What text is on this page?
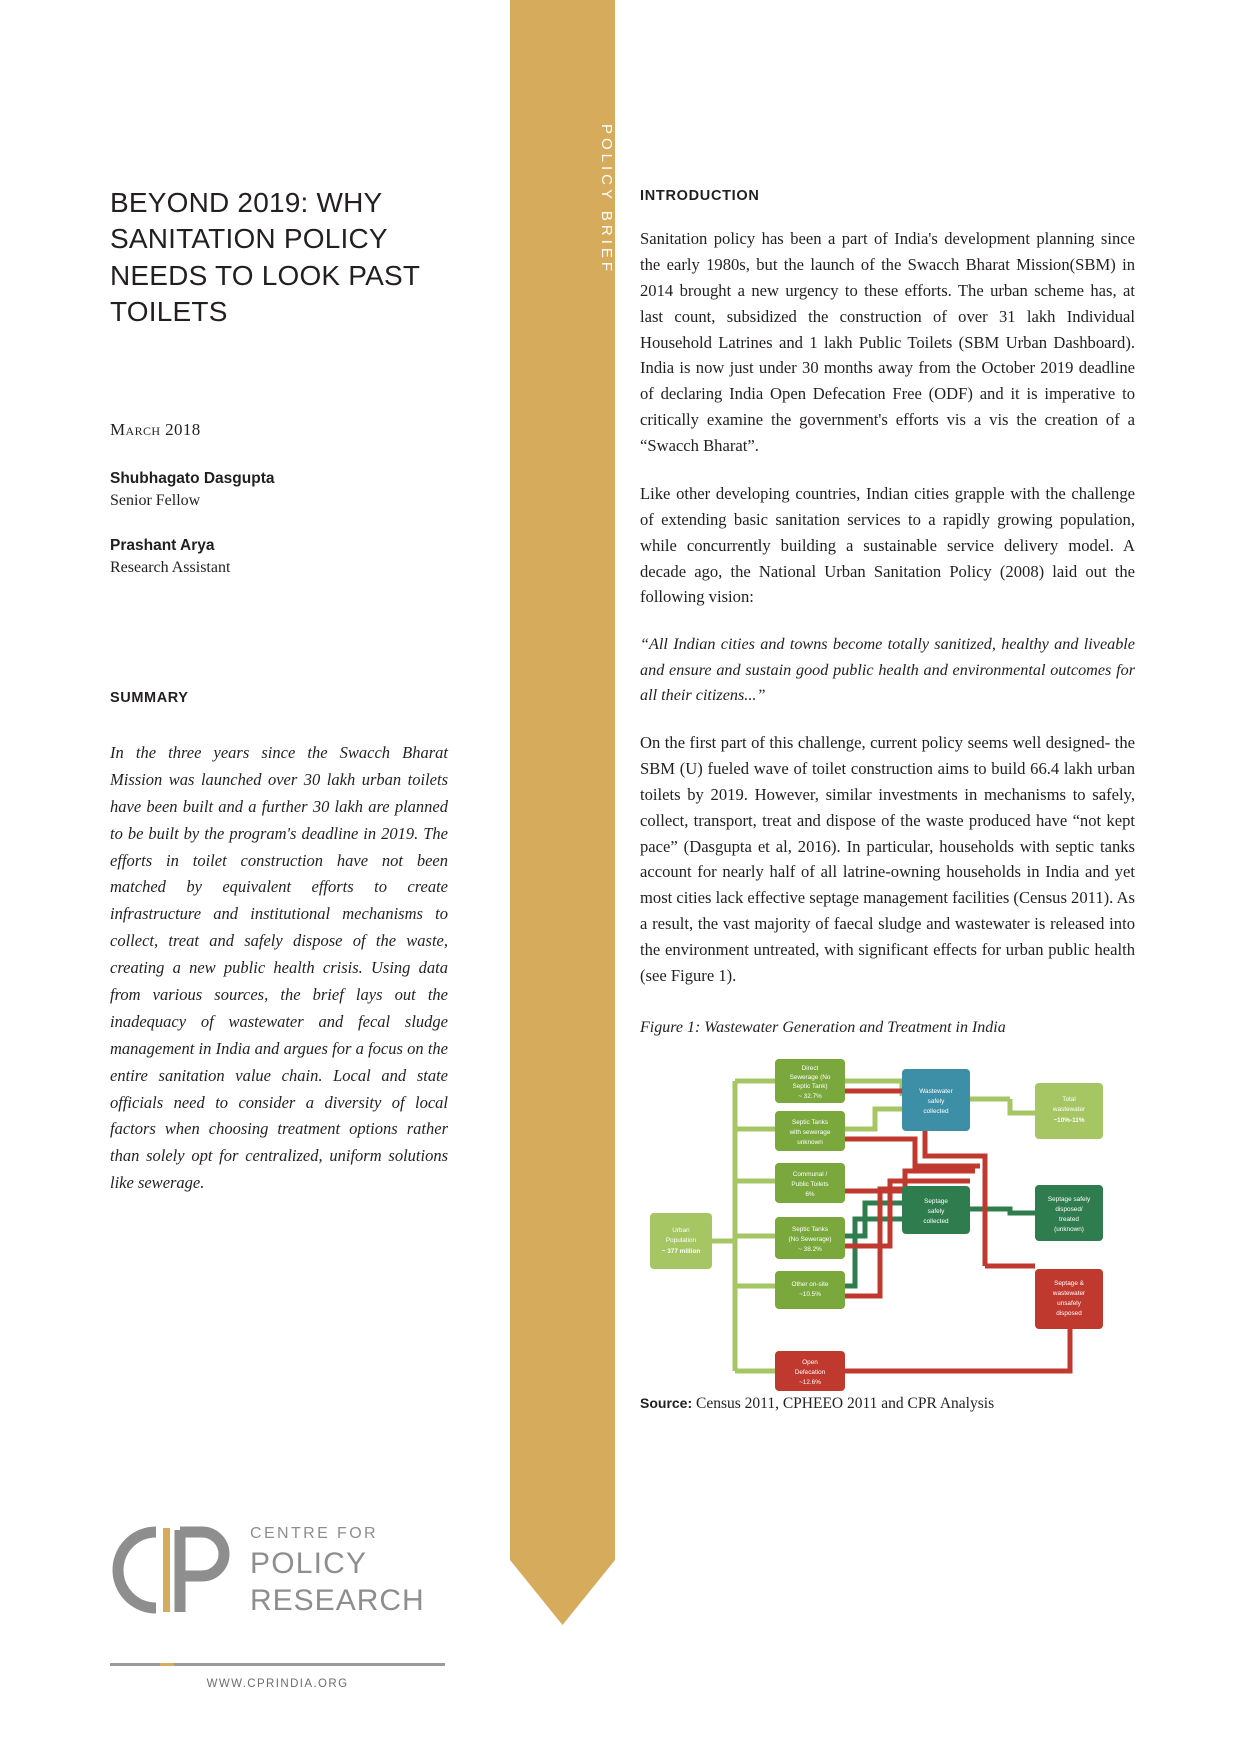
POLICY BRIEF
BEYOND 2019: WHY SANITATION POLICY NEEDS TO LOOK PAST TOILETS
March 2018

Shubhagato Dasgupta

Senior Fellow

Prashant Arya

Research Assistant

SUMMARY
In the three years since the Swacch Bharat Mission was launched over 30 lakh urban toilets have been built and a further 30 lakh are planned to be built by the program's deadline in 2019. The efforts in toilet construction have not been matched by equivalent efforts to create infrastructure and institutional mechanisms to collect, treat and safely dispose of the waste, creating a new public health crisis. Using data from various sources, the brief lays out the inadequacy of wastewater and fecal sludge management in India and argues for a focus on the entire sanitation value chain. Local and state officials need to consider a diversity of local factors when choosing treatment options rather than solely opt for centralized, uniform solutions like sewerage.
CENTRE FOR
POLICY
RESEARCH
WWW.CPRINDIA.ORG
INTRODUCTION

Sanitation policy has been a part of India's development planning since the early 1980s, but the launch of the Swacch Bharat Mission(SBM) in 2014 brought a new urgency to these efforts. The urban scheme has, at last count, subsidized the construction of over 31 lakh Individual Household Latrines and 1 lakh Public Toilets (SBM Urban Dashboard). India is now just under 30 months away from the October 2019 deadline of declaring India Open Defecation Free (ODF) and it is imperative to critically examine the government's efforts vis a vis the creation of a “Swacch Bharat”.

Like other developing countries, Indian cities grapple with the challenge of extending basic sanitation services to a rapidly growing population, while concurrently building a sustainable service delivery model. A decade ago, the National Urban Sanitation Policy (2008) laid out the following vision:

“All Indian cities and towns become totally sanitized, healthy and liveable and ensure and sustain good public health and environmental outcomes for all their citizens...”

On the first part of this challenge, current policy seems well designed- the SBM (U) fueled wave of toilet construction aims to build 66.4 lakh urban toilets by 2019. However, similar investments in mechanisms to safely, collect, transport, treat and dispose of the waste produced have “not kept pace” (Dasgupta et al, 2016). In particular, households with septic tanks account for nearly half of all latrine-owning households in India and yet most cities lack effective septage management facilities (Census 2011). As a result, the vast majority of faecal sludge and wastewater is released into the environment untreated, with significant effects for urban public health (see Figure 1).

Figure 1: Wastewater Generation and Treatment in India

Urban
Population
~ 377 million
Direct
Sewerage (No
Septic Tank)
~ 32.7%
Septic Tanks
with sewerage
unknown
Communal /
Public Toilets
6%
Septic Tanks
(No Sewerage)
~ 38.2%
Other on-site
~10.5%
Open
Defecation
~12.6%
Wastewater
safely
collected
Septage
safely
collected
Total
wastewater
~10%-11%
Septage safely
disposed/
treated
(unknown)
Septage &
wastewater
unsafely
disposed

Source: Census 2011, CPHEEO 2011 and CPR Analysis
